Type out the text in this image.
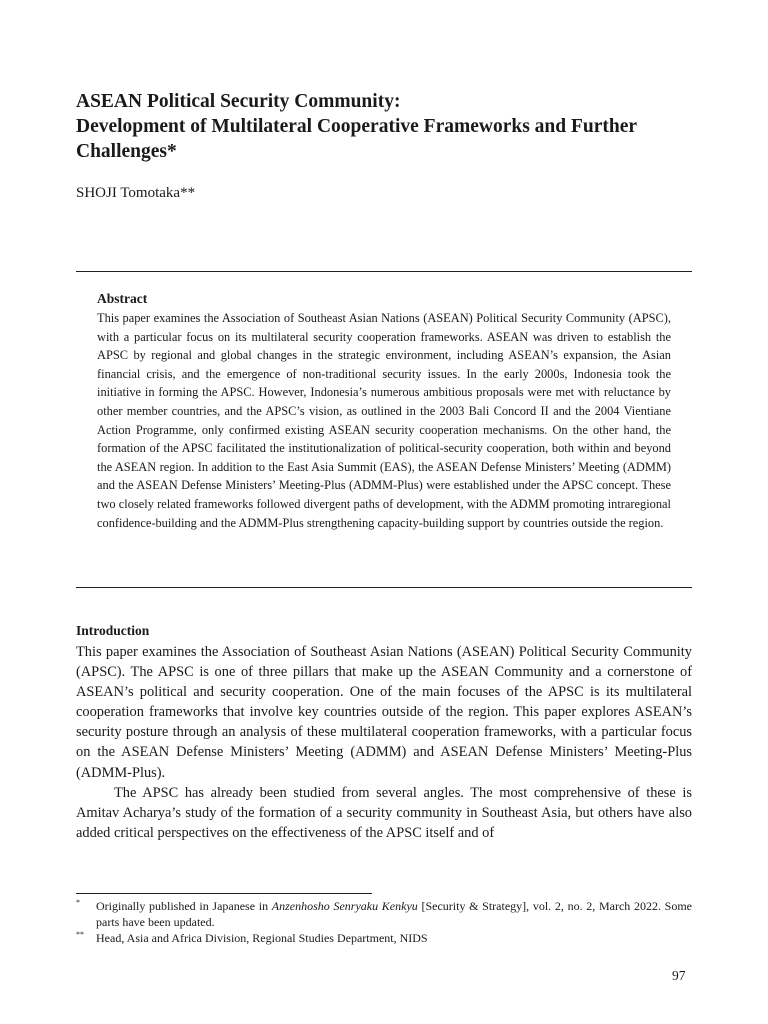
ASEAN Political Security Community:
Development of Multilateral Cooperative Frameworks and Further
Challenges*
SHOJI Tomotaka**
Abstract

This paper examines the Association of Southeast Asian Nations (ASEAN) Political Security Community (APSC), with a particular focus on its multilateral security cooperation frameworks. ASEAN was driven to establish the APSC by regional and global changes in the strategic environment, including ASEAN’s expansion, the Asian financial crisis, and the emergence of non-traditional security issues. In the early 2000s, Indonesia took the initiative in forming the APSC. However, Indonesia’s numerous ambitious proposals were met with reluctance by other member countries, and the APSC’s vision, as outlined in the 2003 Bali Concord II and the 2004 Vientiane Action Programme, only confirmed existing ASEAN security cooperation mechanisms. On the other hand, the formation of the APSC facilitated the institutionalization of political-security cooperation, both within and beyond the ASEAN region. In addition to the East Asia Summit (EAS), the ASEAN Defense Ministers’ Meeting (ADMM) and the ASEAN Defense Ministers’ Meeting-Plus (ADMM-Plus) were established under the APSC concept. These two closely related frameworks followed divergent paths of development, with the ADMM promoting intraregional confidence-building and the ADMM-Plus strengthening capacity-building support by countries outside the region.

Introduction

This paper examines the Association of Southeast Asian Nations (ASEAN) Political Security Community (APSC). The APSC is one of three pillars that make up the ASEAN Community and a cornerstone of ASEAN’s political and security cooperation. One of the main focuses of the APSC is its multilateral cooperation frameworks that involve key countries outside of the region. This paper explores ASEAN’s security posture through an analysis of these multilateral cooperation frameworks, with a particular focus on the ASEAN Defense Ministers’ Meeting (ADMM) and ASEAN Defense Ministers’ Meeting-Plus (ADMM-Plus).

The APSC has already been studied from several angles. The most comprehensive of these is Amitav Acharya’s study of the formation of a security community in Southeast Asia, but others have also added critical perspectives on the effectiveness of the APSC itself and of

* Originally published in Japanese in Anzenhosho Senryaku Kenkyu [Security & Strategy], vol. 2, no. 2, March 2022. Some parts have been updated.
** Head, Asia and Africa Division, Regional Studies Department, NIDS
97
